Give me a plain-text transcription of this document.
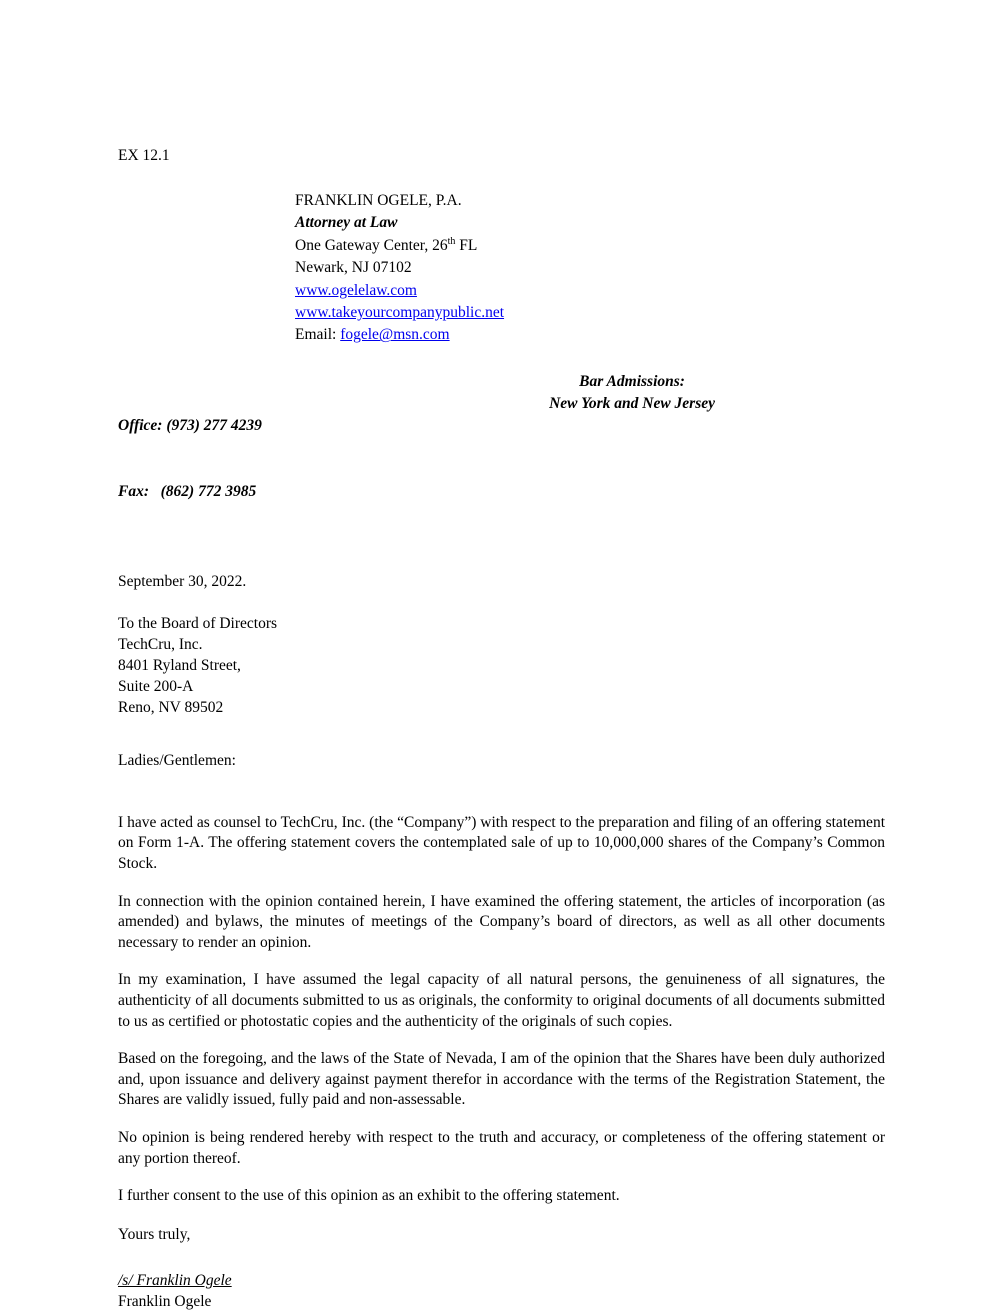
EX 12.1
FRANKLIN OGELE, P.A.
Attorney at Law
One Gateway Center, 26th FL
Newark, NJ 07102
www.ogelelaw.com
www.takeyourcompanypublic.net
Email: fogele@msn.com

Office: (973) 277 4239

Fax:   (862) 772 3985

Bar Admissions:
New York and New Jersey
September 30, 2022.
To the Board of Directors
TechCru, Inc.
8401 Ryland Street,
Suite 200-A
Reno, NV 89502
Ladies/Gentlemen:

I have acted as counsel to TechCru, Inc. (the “Company”) with respect to the preparation and filing of an offering statement on Form 1-A. The offering statement covers the contemplated sale of up to 10,000,000 shares of the Company’s Common Stock.

In connection with the opinion contained herein, I have examined the offering statement, the articles of incorporation (as amended) and bylaws, the minutes of meetings of the Company’s board of directors, as well as all other documents necessary to render an opinion.

In my examination, I have assumed the legal capacity of all natural persons, the genuineness of all signatures, the authenticity of all documents submitted to us as originals, the conformity to original documents of all documents submitted to us as certified or photostatic copies and the authenticity of the originals of such copies.

Based on the foregoing, and the laws of the State of Nevada, I am of the opinion that the Shares have been duly authorized and, upon issuance and delivery against payment therefor in accordance with the terms of the Registration Statement, the Shares are validly issued, fully paid and non-assessable.

No opinion is being rendered hereby with respect to the truth and accuracy, or completeness of the offering statement or any portion thereof.

I further consent to the use of this opinion as an exhibit to the offering statement.

Yours truly,
/s/ Franklin Ogele
Franklin Ogele
